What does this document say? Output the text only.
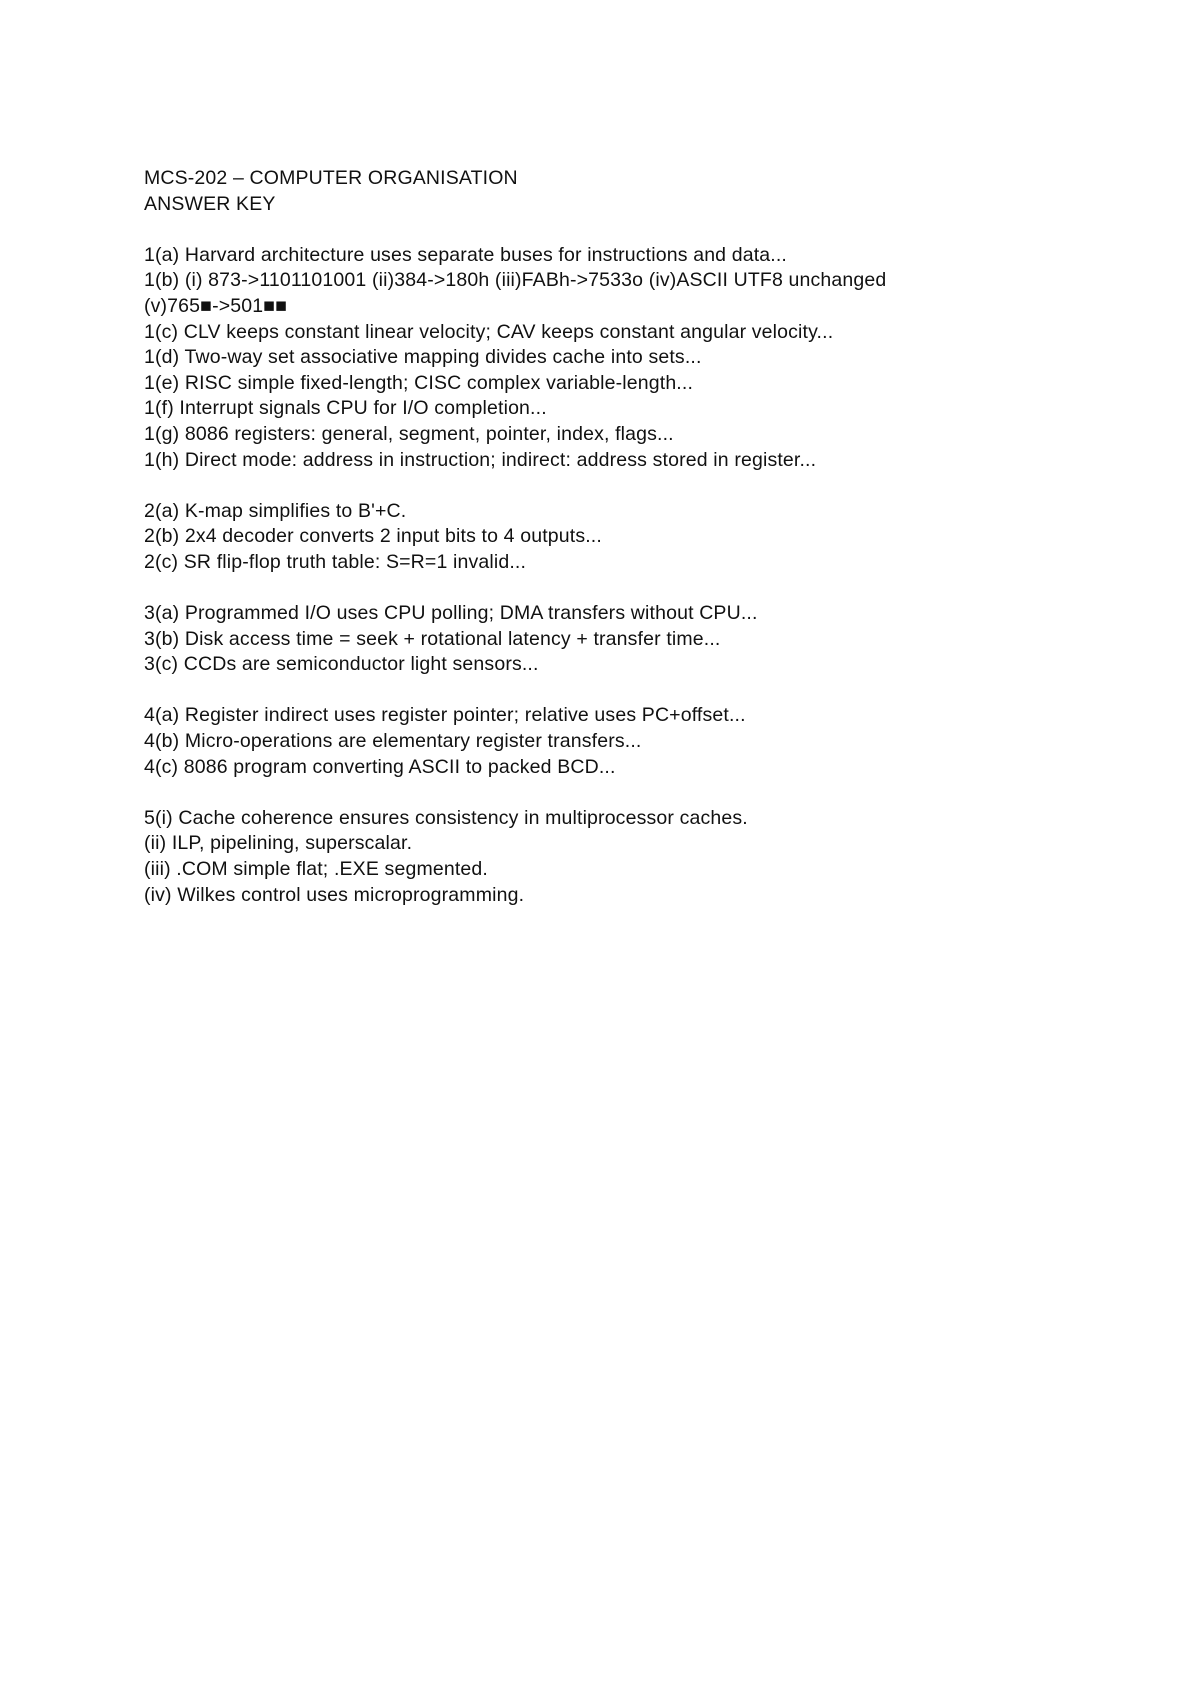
MCS-202 – COMPUTER ORGANISATION
ANSWER KEY
1(a) Harvard architecture uses separate buses for instructions and data...
1(b) (i) 873->1101101001 (ii)384->180h (iii)FABh->7533o (iv)ASCII UTF8 unchanged
(v)765■->501■■
1(c) CLV keeps constant linear velocity; CAV keeps constant angular velocity...
1(d) Two-way set associative mapping divides cache into sets...
1(e) RISC simple fixed-length; CISC complex variable-length...
1(f) Interrupt signals CPU for I/O completion...
1(g) 8086 registers: general, segment, pointer, index, flags...
1(h) Direct mode: address in instruction; indirect: address stored in register...
2(a) K-map simplifies to B'+C.
2(b) 2x4 decoder converts 2 input bits to 4 outputs...
2(c) SR flip-flop truth table: S=R=1 invalid...
3(a) Programmed I/O uses CPU polling; DMA transfers without CPU...
3(b) Disk access time = seek + rotational latency + transfer time...
3(c) CCDs are semiconductor light sensors...
4(a) Register indirect uses register pointer; relative uses PC+offset...
4(b) Micro-operations are elementary register transfers...
4(c) 8086 program converting ASCII to packed BCD...
5(i) Cache coherence ensures consistency in multiprocessor caches.
(ii) ILP, pipelining, superscalar.
(iii) .COM simple flat; .EXE segmented.
(iv) Wilkes control uses microprogramming.
